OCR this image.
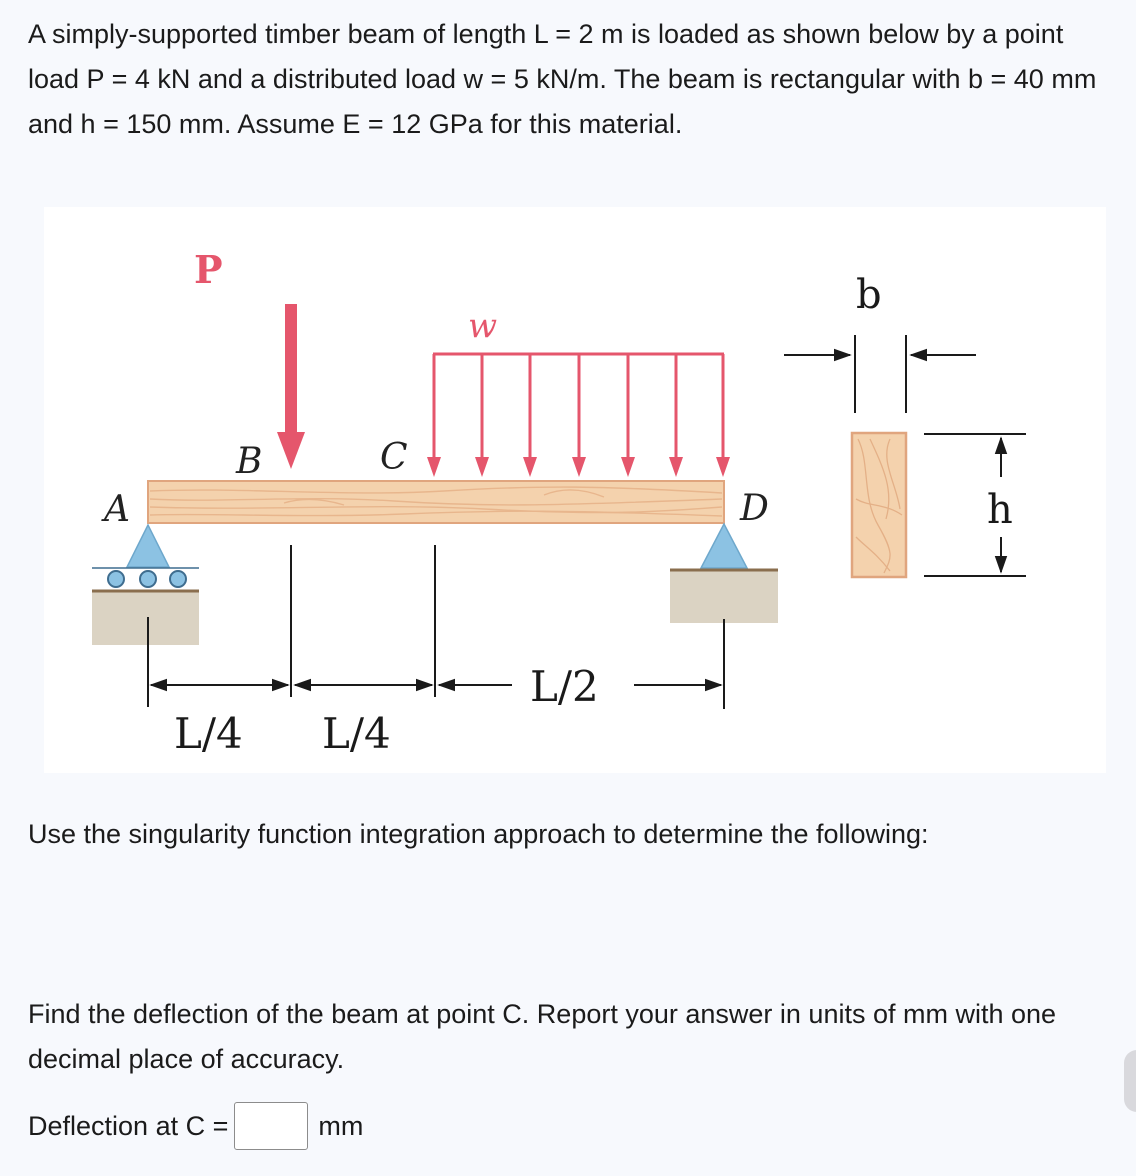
A simply-supported timber beam of length L = 2 m is loaded as shown below by a point load P = 4 kN and a distributed load w = 5 kN/m. The beam is rectangular with b = 40 mm and h = 150 mm. Assume E = 12 GPa for this material.
w
P
A
B	C
D
L/4 L/4
L/2
b
h
Use the singularity function integration approach to determine the following:
Find the deflection of the beam at point C. Report your answer in units of mm with one decimal place of accuracy.
Deflection at C =	mm
